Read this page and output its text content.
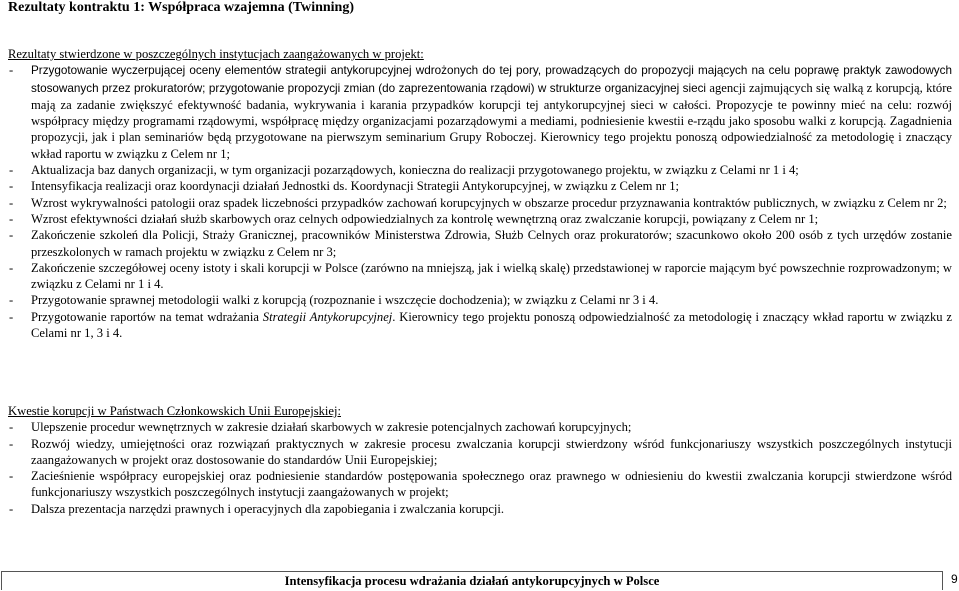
Rezultaty kontraktu 1: Współpraca wzajemna (Twinning)
Rezultaty stwierdzone w poszczególnych instytucjach zaangażowanych w projekt:
- Przygotowanie wyczerpującej oceny elementów strategii antykorupcyjnej wdrożonych do tej pory, prowadzących do propozycji mających na celu poprawę praktyk zawodowych stosowanych przez prokuratorów; przygotowanie propozycji zmian (do zaprezentowania rządowi) w strukturze organizacyjnej sieci agencji zajmujących się walką z korupcją, które mają za zadanie zwiększyć efektywność badania, wykrywania i karania przypadków korupcji tej antykorupcyjnej sieci w całości. Propozycje te powinny mieć na celu: rozwój współpracy między programami rządowymi, współpracę między organizacjami pozarządowymi a mediami, podniesienie kwestii e-rządu jako sposobu walki z korupcją. Zagadnienia propozycji, jak i plan seminariów będą przygotowane na pierwszym seminarium Grupy Roboczej. Kierownicy tego projektu ponoszą odpowiedzialność za metodologię i znaczący wkład raportu w związku z Celem nr 1;
- Aktualizacja baz danych organizacji, w tym organizacji pozarządowych, konieczna do realizacji przygotowanego projektu, w związku z Celami nr 1 i 4;
- Intensyfikacja realizacji oraz koordynacji działań Jednostki ds. Koordynacji Strategii Antykorupcyjnej, w związku z Celem nr 1;
- Wzrost wykrywalności patologii oraz spadek liczebności przypadków zachowań korupcyjnych w obszarze procedur przyznawania kontraktów publicznych, w związku z Celem nr 2;
- Wzrost efektywności działań służb skarbowych oraz celnych odpowiedzialnych za kontrolę wewnętrzną oraz zwalczanie korupcji, powiązany z Celem nr 1;
- Zakończenie szkoleń dla Policji, Straży Granicznej, pracowników Ministerstwa Zdrowia, Służb Celnych oraz prokuratorów; szacunkowo około 200 osób z tych urzędów zostanie przeszkolonych w ramach projektu w związku z Celem nr 3;
- Zakończenie szczegółowej oceny istoty i skali korupcji w Polsce (zarówno na mniejszą, jak i wielką skalę) przedstawionej w raporcie mającym być powszechnie rozprowadzonym; w związku z Celami nr 1 i 4.
- Przygotowanie sprawnej metodologii walki z korupcją (rozpoznanie i wszczęcie dochodzenia); w związku z Celami nr 3 i 4.
- Przygotowanie raportów na temat wdrażania Strategii Antykorupcyjnej. Kierownicy tego projektu ponoszą odpowiedzialność za metodologię i znaczący wkład raportu w związku z Celami nr 1, 3 i 4.
Kwestie korupcji w Państwach Członkowskich Unii Europejskiej:
- Ulepszenie procedur wewnętrznych w zakresie działań skarbowych w zakresie potencjalnych zachowań korupcyjnych;
- Rozwój wiedzy, umiejętności oraz rozwiązań praktycznych w zakresie procesu zwalczania korupcji stwierdzony wśród funkcjonariuszy wszystkich poszczególnych instytucji zaangażowanych w projekt oraz dostosowanie do standardów Unii Europejskiej;
- Zacieśnienie współpracy europejskiej oraz podniesienie standardów postępowania społecznego oraz prawnego w odniesieniu do kwestii zwalczania korupcji stwierdzone wśród funkcjonariuszy wszystkich poszczególnych instytucji zaangażowanych w projekt;
- Dalsza prezentacja narzędzi prawnych i operacyjnych dla zapobiegania i zwalczania korupcji.
Intensyfikacja procesu wdrażania działań antykorupcyjnych w Polsce	9
